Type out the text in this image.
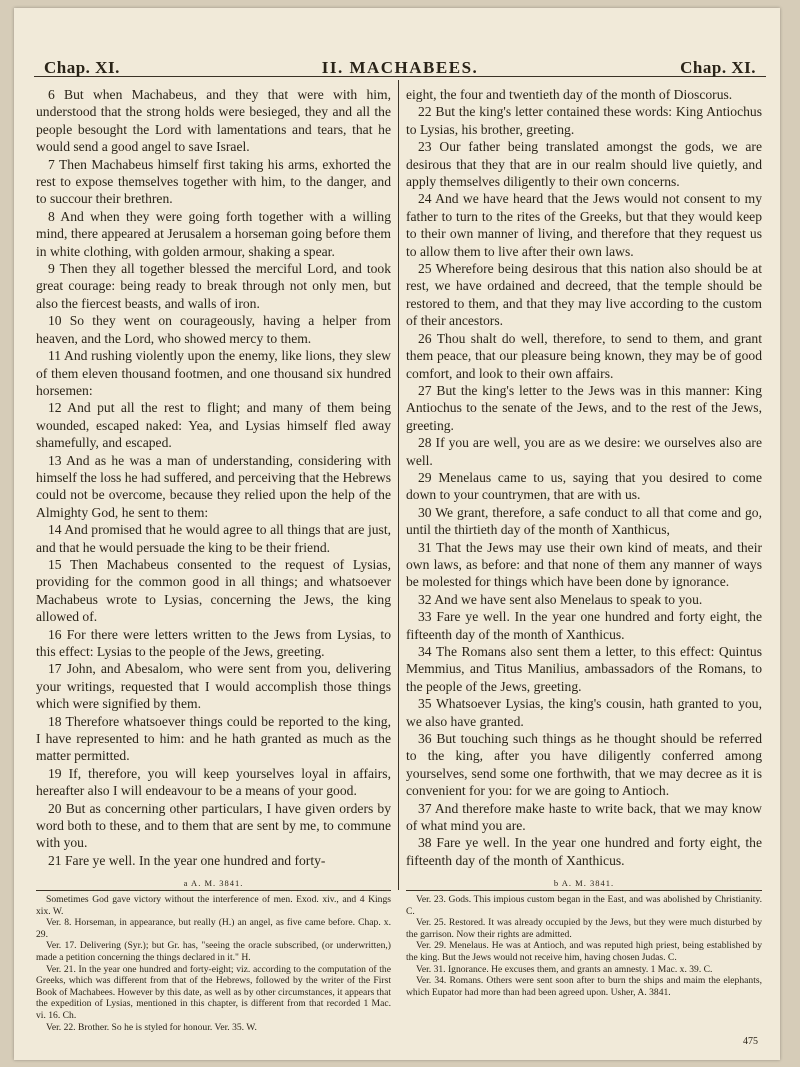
Chap. XI.	II. MACHABEES.	Chap. XI.

6 But when Machabeus, and they that were with him, understood that the strong holds were besieged, they and all the people besought the Lord with lamentations and tears, that he would send a good angel to save Israel.

7 Then Machabeus himself first taking his arms, exhorted the rest to expose themselves together with him, to the danger, and to succour their brethren.

8 And when they were going forth together with a willing mind, there appeared at Jerusalem a horseman going before them in white clothing, with golden armour, shaking a spear.

9 Then they all together blessed the merciful Lord, and took great courage: being ready to break through not only men, but also the fiercest beasts, and walls of iron.

10 So they went on courageously, having a helper from heaven, and the Lord, who showed mercy to them.

11 And rushing violently upon the enemy, like lions, they slew of them eleven thousand footmen, and one thousand six hundred horsemen:

12 And put all the rest to flight; and many of them being wounded, escaped naked: Yea, and Lysias himself fled away shamefully, and escaped.

13 And as he was a man of understanding, considering with himself the loss he had suffered, and perceiving that the Hebrews could not be overcome, because they relied upon the help of the Almighty God, he sent to them:

14 And promised that he would agree to all things that are just, and that he would persuade the king to be their friend.

15 Then Machabeus consented to the request of Lysias, providing for the common good in all things; and whatsoever Machabeus wrote to Lysias, concerning the Jews, the king allowed of.

16 For there were letters written to the Jews from Lysias, to this effect: Lysias to the people of the Jews, greeting.

17 John, and Abesalom, who were sent from you, delivering your writings, requested that I would accomplish those things which were signified by them.

18 Therefore whatsoever things could be reported to the king, I have represented to him: and he hath granted as much as the matter permitted.

19 If, therefore, you will keep yourselves loyal in affairs, hereafter also I will endeavour to be a means of your good.

20 But as concerning other particulars, I have given orders by word both to these, and to them that are sent by me, to commune with you.

21 Fare ye well. In the year one hundred and forty-

eight, the four and twentieth day of the month of Dioscorus.

22 But the king's letter contained these words: King Antiochus to Lysias, his brother, greeting.

23 Our father being translated amongst the gods, we are desirous that they that are in our realm should live quietly, and apply themselves diligently to their own concerns.

24 And we have heard that the Jews would not consent to my father to turn to the rites of the Greeks, but that they would keep to their own manner of living, and therefore that they request us to allow them to live after their own laws.

25 Wherefore being desirous that this nation also should be at rest, we have ordained and decreed, that the temple should be restored to them, and that they may live according to the custom of their ancestors.

26 Thou shalt do well, therefore, to send to them, and grant them peace, that our pleasure being known, they may be of good comfort, and look to their own affairs.

27 But the king's letter to the Jews was in this manner: King Antiochus to the senate of the Jews, and to the rest of the Jews, greeting.

28 If you are well, you are as we desire: we ourselves also are well.

29 Menelaus came to us, saying that you desired to come down to your countrymen, that are with us.

30 We grant, therefore, a safe conduct to all that come and go, until the thirtieth day of the month of Xanthicus,

31 That the Jews may use their own kind of meats, and their own laws, as before: and that none of them any manner of ways be molested for things which have been done by ignorance.

32 And we have sent also Menelaus to speak to you.

33 Fare ye well. In the year one hundred and forty eight, the fifteenth day of the month of Xanthicus.

34 The Romans also sent them a letter, to this effect: Quintus Memmius, and Titus Manilius, ambassadors of the Romans, to the people of the Jews, greeting.

35 Whatsoever Lysias, the king's cousin, hath granted to you, we also have granted.

36 But touching such things as he thought should be referred to the king, after you have diligently conferred among yourselves, send some one forthwith, that we may decree as it is convenient for you: for we are going to Antioch.

37 And therefore make haste to write back, that we may know of what mind you are.

38 Fare ye well. In the year one hundred and forty eight, the fifteenth day of the month of Xanthicus.

a A. M. 3841.	b A. M. 3841.

Sometimes God gave victory without the interference of men. Exod. xiv., and 4 Kings xix. W.

Ver. 8. Horseman, in appearance, but really (H.) an angel, as five came before. Chap. x. 29.

Ver. 17. Delivering (Syr.); but Gr. has, "seeing the oracle subscribed, (or underwritten,) made a petition concerning the things declared in it." H.

Ver. 21. In the year one hundred and forty-eight; viz. according to the computation of the Greeks, which was different from that of the Hebrews, followed by the writer of the First Book of Machabees. However by this date, as well as by other circumstances, it appears that the expedition of Lysias, mentioned in this chapter, is different from that recorded 1 Mac. vi. 16. Ch.

Ver. 22. Brother. So he is styled for honour. Ver. 35. W.

Ver. 23. Gods. This impious custom began in the East, and was abolished by Christianity. C.

Ver. 25. Restored. It was already occupied by the Jews, but they were much disturbed by the garrison. Now their rights are admitted.

Ver. 29. Menelaus. He was at Antioch, and was reputed high priest, being established by the king. But the Jews would not receive him, having chosen Judas. C.

Ver. 31. Ignorance. He excuses them, and grants an amnesty. 1 Mac. x. 39. C.

Ver. 34. Romans. Others were sent soon after to burn the ships and maim the elephants, which Eupator had more than had been agreed upon. Usher, A. 3841.

475
